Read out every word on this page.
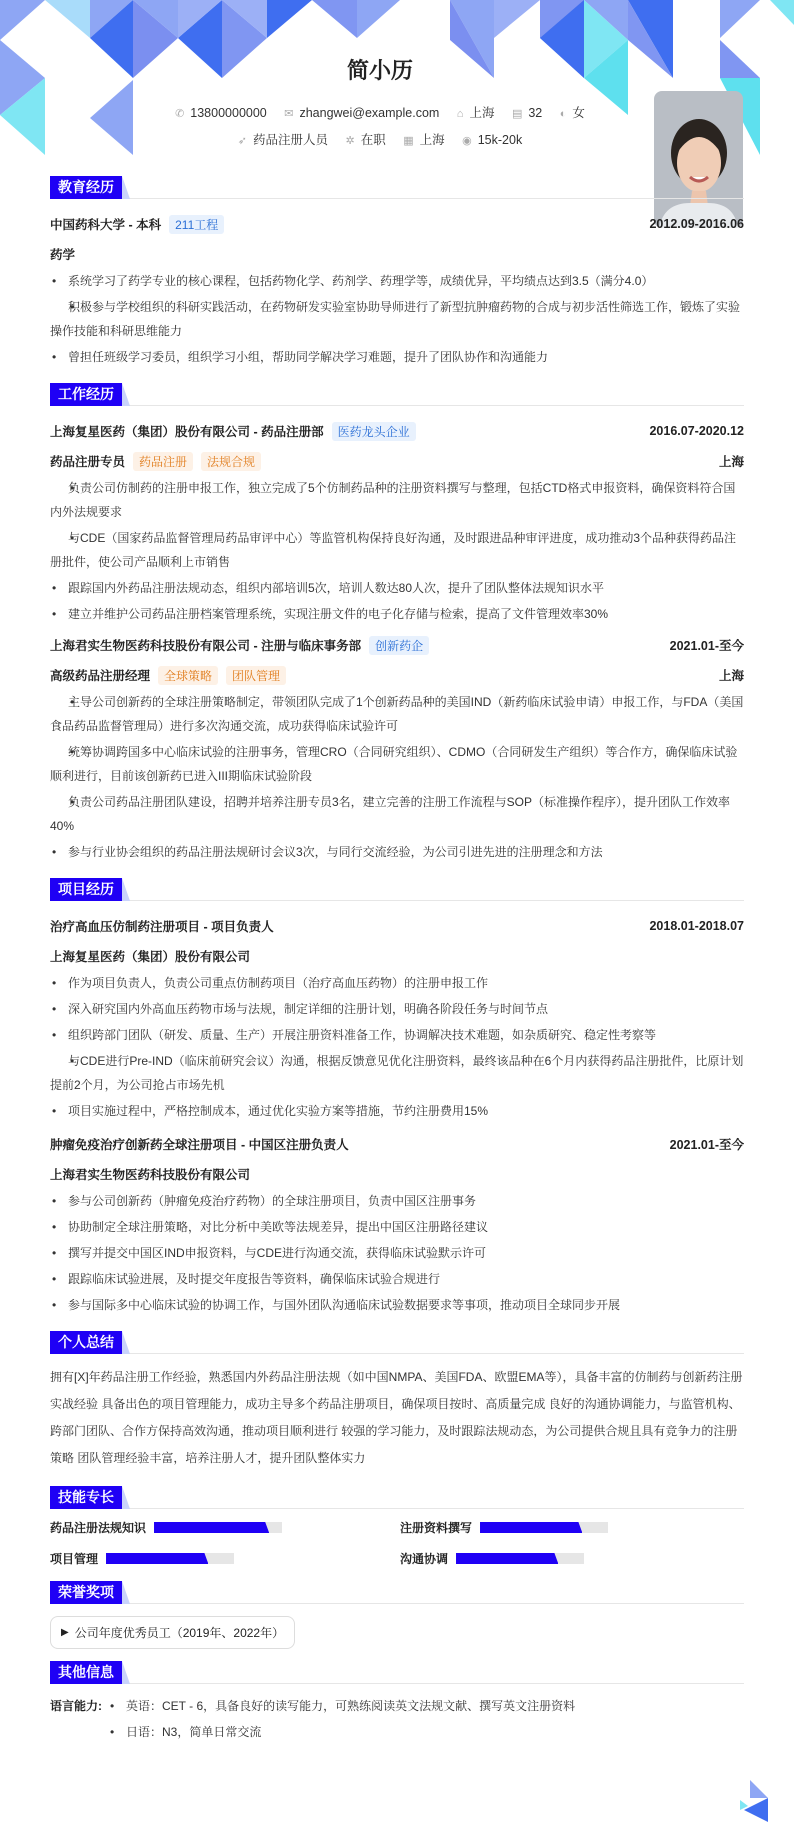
简小历
✆ 13800000000 ✉ zhangwei@example.com ⌂ 上海 ▤ 32 ◐ 女
➶ 药品注册人员 ✲ 在职 ▦ 上海 ◉ 15k-20k
教育经历
中国药科大学 - 本科 211工程	2012.09-2016.06
药学
• 系统学习了药学专业的核心课程，包括药物化学、药剂学、药理学等，成绩优异，平均绩点达到3.5（满分4.0）
• 积极参与学校组织的科研实践活动，在药物研发实验室协助导师进行了新型抗肿瘤药物的合成与初步活性筛选工作，锻炼了实验操作技能和科研思维能力
• 曾担任班级学习委员，组织学习小组，帮助同学解决学习难题，提升了团队协作和沟通能力
工作经历
上海复星医药（集团）股份有限公司 - 药品注册部 医药龙头企业	2016.07-2020.12
药品注册专员 药品注册 法规合规	上海
• 负责公司仿制药的注册申报工作，独立完成了5个仿制药品种的注册资料撰写与整理，包括CTD格式申报资料，确保资料符合国内外法规要求
• 与CDE（国家药品监督管理局药品审评中心）等监管机构保持良好沟通，及时跟进品种审评进度，成功推动3个品种获得药品注册批件，使公司产品顺利上市销售
• 跟踪国内外药品注册法规动态，组织内部培训5次，培训人数达80人次，提升了团队整体法规知识水平
• 建立并维护公司药品注册档案管理系统，实现注册文件的电子化存储与检索，提高了文件管理效率30%
上海君实生物医药科技股份有限公司 - 注册与临床事务部 创新药企	2021.01-至今
高级药品注册经理 全球策略 团队管理	上海
• 主导公司创新药的全球注册策略制定，带领团队完成了1个创新药品种的美国IND（新药临床试验申请）申报工作，与FDA（美国食品药品监督管理局）进行多次沟通交流，成功获得临床试验许可
• 统筹协调跨国多中心临床试验的注册事务，管理CRO（合同研究组织）、CDMO（合同研发生产组织）等合作方，确保临床试验顺利进行，目前该创新药已进入III期临床试验阶段
• 负责公司药品注册团队建设，招聘并培养注册专员3名，建立完善的注册工作流程与SOP（标准操作程序），提升团队工作效率40%
• 参与行业协会组织的药品注册法规研讨会议3次，与同行交流经验，为公司引进先进的注册理念和方法
项目经历
治疗高血压仿制药注册项目 - 项目负责人	2018.01-2018.07
上海复星医药（集团）股份有限公司
• 作为项目负责人，负责公司重点仿制药项目（治疗高血压药物）的注册申报工作
• 深入研究国内外高血压药物市场与法规，制定详细的注册计划，明确各阶段任务与时间节点
• 组织跨部门团队（研发、质量、生产）开展注册资料准备工作，协调解决技术难题，如杂质研究、稳定性考察等
• 与CDE进行Pre-IND（临床前研究会议）沟通，根据反馈意见优化注册资料，最终该品种在6个月内获得药品注册批件，比原计划提前2个月，为公司抢占市场先机
• 项目实施过程中，严格控制成本，通过优化实验方案等措施，节约注册费用15%
肿瘤免疫治疗创新药全球注册项目 - 中国区注册负责人	2021.01-至今
上海君实生物医药科技股份有限公司
• 参与公司创新药（肿瘤免疫治疗药物）的全球注册项目，负责中国区注册事务
• 协助制定全球注册策略，对比分析中美欧等法规差异，提出中国区注册路径建议
• 撰写并提交中国区IND申报资料，与CDE进行沟通交流，获得临床试验默示许可
• 跟踪临床试验进展，及时提交年度报告等资料，确保临床试验合规进行
• 参与国际多中心临床试验的协调工作，与国外团队沟通临床试验数据要求等事项，推动项目全球同步开展
个人总结
拥有[X]年药品注册工作经验，熟悉国内外药品注册法规（如中国NMPA、美国FDA、欧盟EMA等），具备丰富的仿制药与创新药注册实战经验 具备出色的项目管理能力，成功主导多个药品注册项目，确保项目按时、高质量完成 良好的沟通协调能力，与监管机构、跨部门团队、合作方保持高效沟通，推动项目顺利进行 较强的学习能力，及时跟踪法规动态，为公司提供合规且具有竞争力的注册策略 团队管理经验丰富，培养注册人才，提升团队整体实力
技能专长
药品注册法规知识	注册资料撰写
项目管理	沟通协调
荣誉奖项
▶ 公司年度优秀员工（2019年、2022年）
其他信息
语言能力:	• 英语：CET - 6，具备良好的读写能力，可熟练阅读英文法规文献、撰写英文注册资料
• 日语：N3，简单日常交流
